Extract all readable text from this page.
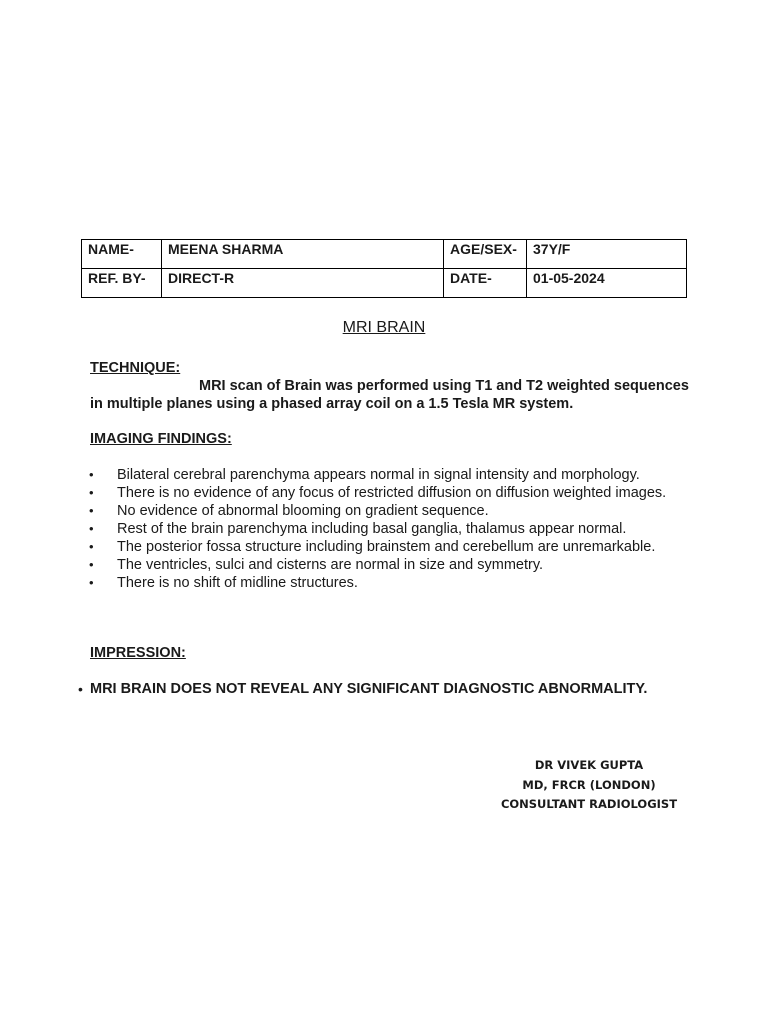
NAME-	MEENA SHARMA	AGE/SEX-	37Y/F
REF. BY-	DIRECT-R	DATE-	01-05-2024
MRI BRAIN
TECHNIQUE:

MRI scan of Brain was performed using T1 and T2 weighted sequences in multiple planes using a phased array coil on a 1.5 Tesla MR system.

IMAGING FINDINGS:
• Bilateral cerebral parenchyma appears normal in signal intensity and morphology.
• There is no evidence of any focus of restricted diffusion on diffusion weighted images.
• No evidence of abnormal blooming on gradient sequence.
• Rest of the brain parenchyma including basal ganglia, thalamus appear normal.
• The posterior fossa structure including brainstem and cerebellum are unremarkable.
• The ventricles, sulci and cisterns are normal in size and symmetry.
• There is no shift of midline structures.
IMPRESSION:
• MRI BRAIN DOES NOT REVEAL ANY SIGNIFICANT DIAGNOSTIC ABNORMALITY.

DR VIVEK GUPTA
MD, FRCR (LONDON)
CONSULTANT RADIOLOGIST
